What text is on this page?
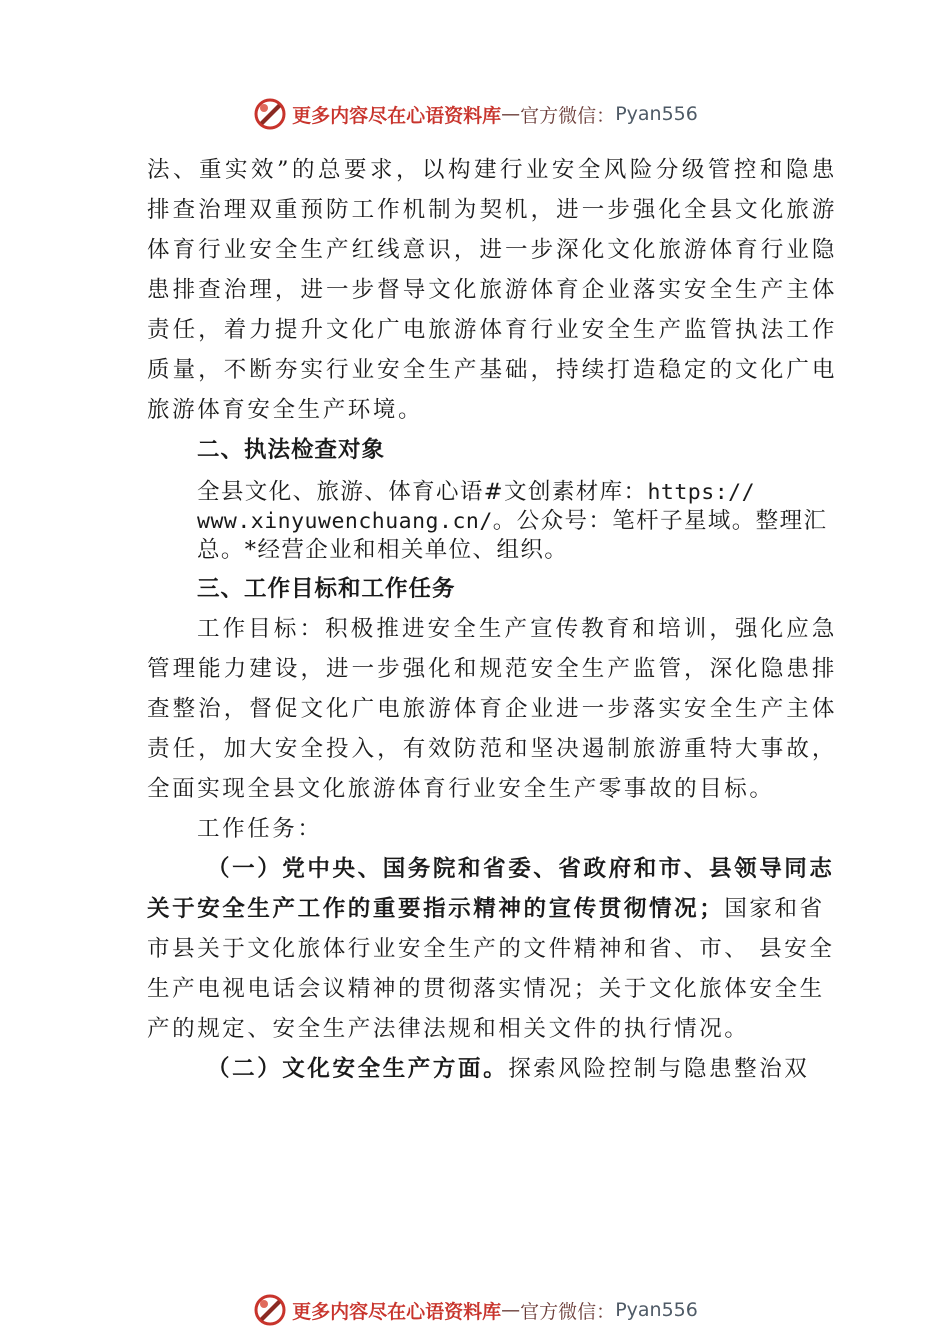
更多内容尽在心语资料库 — 官方微信： Pyan556

法、重实效”的总要求，以构建行业安全风险分级管控和隐患排查治理双重预防工作机制为契机，进一步强化全县文化旅游体育行业安全生产红线意识，进一步深化文化旅游体育行业隐患排查治理，进一步督导文化旅游体育企业落实安全生产主体责任，着力提升文化广电旅游体育行业安全生产监管执法工作质量，不断夯实行业安全生产基础，持续打造稳定的文化广电旅游体育安全生产环境。

二、执法检查对象

全县文化、旅游、体育心语#文创素材库：https://
www.xinyuwenchuang.cn/。公众号：笔杆子星域。整理汇总。*经营企业和相关单位、组织。

三、工作目标和工作任务

工作目标：积极推进安全生产宣传教育和培训，强化应急管理能力建设，进一步强化和规范安全生产监管，深化隐患排查整治，督促文化广电旅游体育企业进一步落实安全生产主体责任，加大安全投入，有效防范和坚决遏制旅游重特大事故，全面实现全县文化旅游体育行业安全生产零事故的目标。

工作任务：

（一）党中央、国务院和省委、省政府和市、县领导同志关于安全生产工作的重要指示精神的宣传贯彻情况；国家和省市县关于文化旅体行业安全生产的文件精神和省、市、 县安全生产电视电话会议精神的贯彻落实情况；关于文化旅体安全生产的规定、安全生产法律法规和相关文件的执行情况。

（二）文化安全生产方面。探索风险控制与隐患整治双

更多内容尽在心语资料库 — 官方微信： Pyan556
